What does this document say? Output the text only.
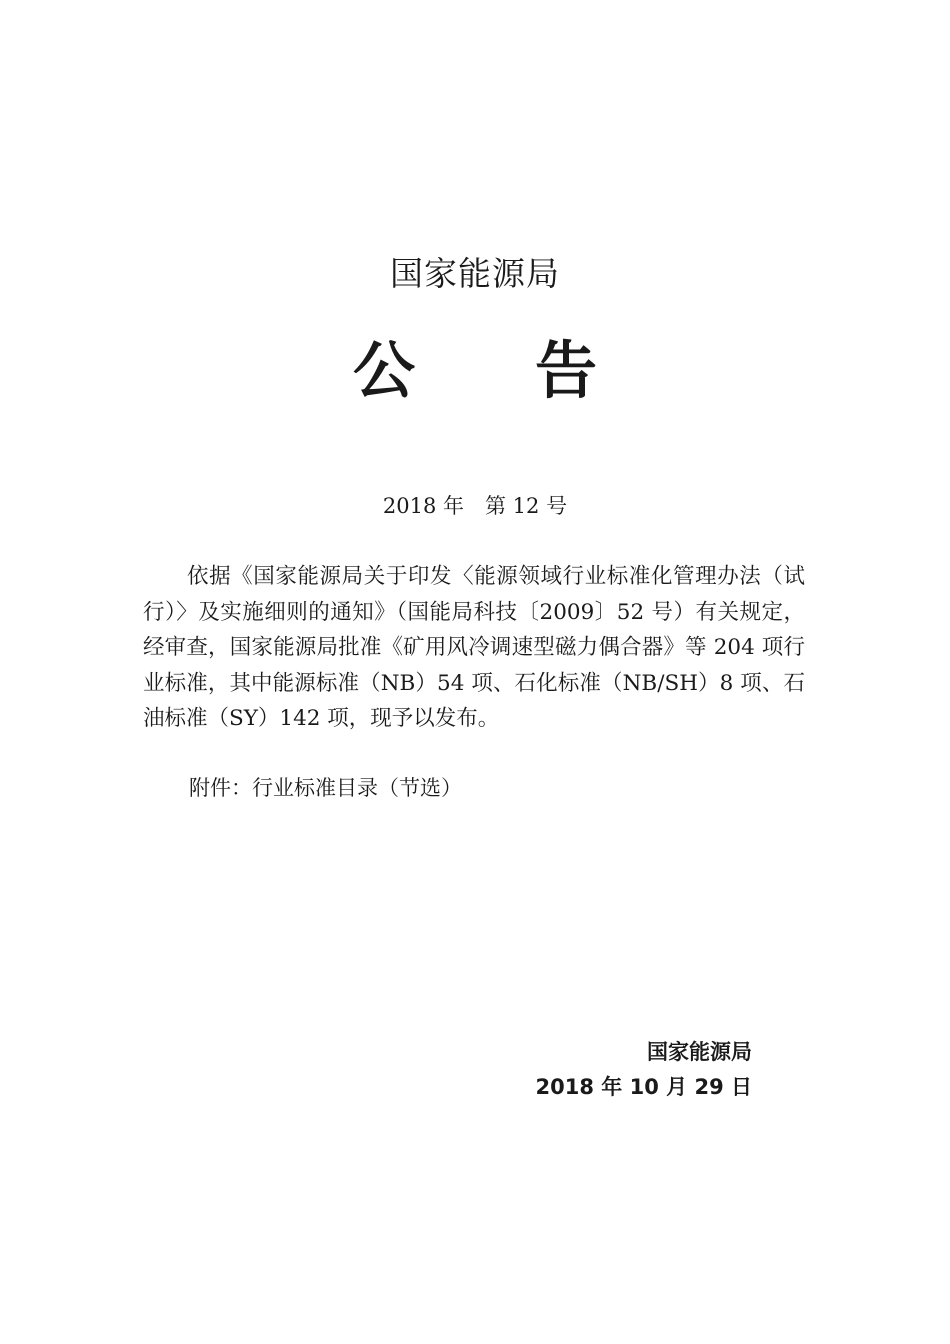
国家能源局
公 告
2018 年　第 12 号

依据《国家能源局关于印发〈能源领域行业标准化管理办法（试行）〉及实施细则的通知》（国能局科技〔2009〕52 号）有关规定，经审查，国家能源局批准《矿用风冷调速型磁力偶合器》等 204 项行业标准，其中能源标准（NB）54 项、石化标准（NB/SH）8 项、石油标准（SY）142 项，现予以发布。

附件：行业标准目录（节选）
国家能源局
2018 年 10 月 29 日
